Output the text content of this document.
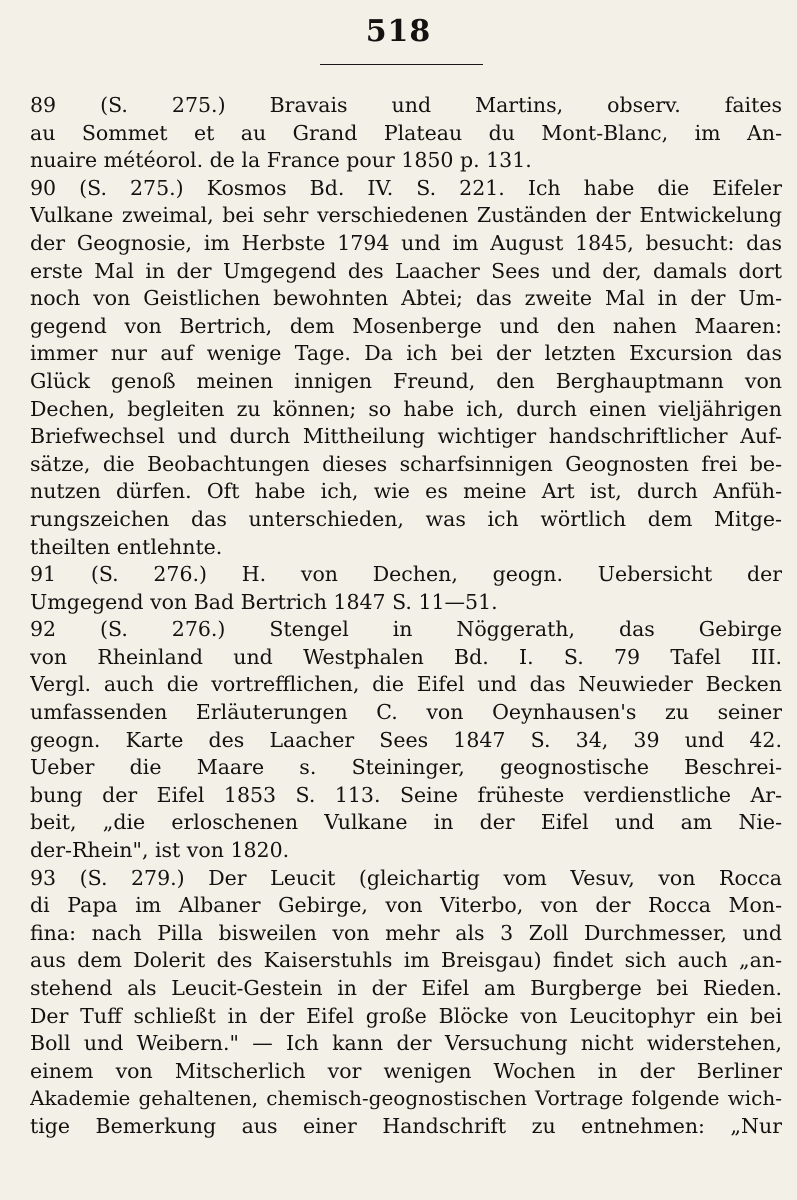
518
89 (S. 275.) Bravais und Martins, observ. faites
au Sommet et au Grand Plateau du Mont-Blanc, im An-
nuaire météorol. de la France pour 1850 p. 131.
90 (S. 275.) Kosmos Bd. IV. S. 221. Ich habe die Eifeler
Vulkane zweimal, bei sehr verschiedenen Zuständen der Entwickelung
der Geognosie, im Herbste 1794 und im August 1845, besucht: das
erste Mal in der Umgegend des Laacher Sees und der, damals dort
noch von Geistlichen bewohnten Abtei; das zweite Mal in der Um-
gegend von Bertrich, dem Mosenberge und den nahen Maaren:
immer nur auf wenige Tage. Da ich bei der letzten Excursion das
Glück genoß meinen innigen Freund, den Berghauptmann von
Dechen, begleiten zu können; so habe ich, durch einen vieljährigen
Briefwechsel und durch Mittheilung wichtiger handschriftlicher Auf-
sätze, die Beobachtungen dieses scharfsinnigen Geognosten frei be-
nutzen dürfen. Oft habe ich, wie es meine Art ist, durch Anfüh-
rungszeichen das unterschieden, was ich wörtlich dem Mitge-
theilten entlehnte.
91 (S. 276.) H. von Dechen, geogn. Uebersicht der
Umgegend von Bad Bertrich 1847 S. 11—51.
92 (S. 276.) Stengel in Nöggerath, das Gebirge
von Rheinland und Westphalen Bd. I. S. 79 Tafel III.
Vergl. auch die vortrefflichen, die Eifel und das Neuwieder Becken
umfassenden Erläuterungen C. von Oeynhausen's zu seiner
geogn. Karte des Laacher Sees 1847 S. 34, 39 und 42.
Ueber die Maare s. Steininger, geognostische Beschrei-
bung der Eifel 1853 S. 113. Seine früheste verdienstliche Ar-
beit, „die erloschenen Vulkane in der Eifel und am Nie-
der-Rhein", ist von 1820.
93 (S. 279.) Der Leucit (gleichartig vom Vesuv, von Rocca
di Papa im Albaner Gebirge, von Viterbo, von der Rocca Mon-
fina: nach Pilla bisweilen von mehr als 3 Zoll Durchmesser, und
aus dem Dolerit des Kaiserstuhls im Breisgau) findet sich auch „an-
stehend als Leucit-Gestein in der Eifel am Burgberge bei Rieden.
Der Tuff schließt in der Eifel große Blöcke von Leucitophyr ein bei
Boll und Weibern." — Ich kann der Versuchung nicht widerstehen,
einem von Mitscherlich vor wenigen Wochen in der Berliner
Akademie gehaltenen, chemisch-geognostischen Vortrage folgende wich-
tige Bemerkung aus einer Handschrift zu entnehmen: „Nur
